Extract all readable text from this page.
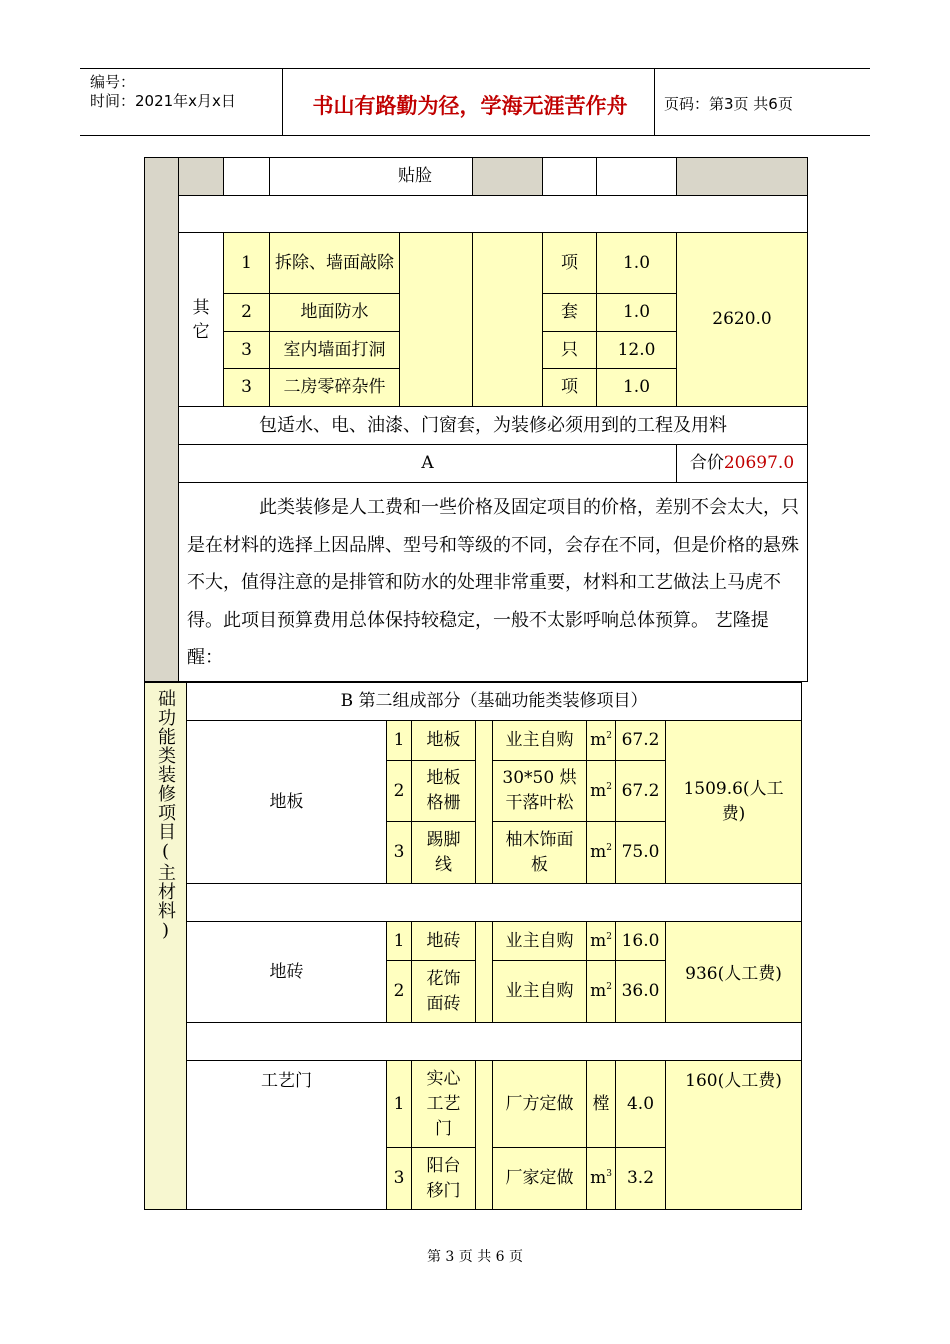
编号：
时间：2021年x月x日	书山有路勤为径，学海无涯苦作舟	页码：第3页 共6页
			贴脸					

	其它	1	拆除、墙面敲除			项	1.0	2620.0
		2	地面防水			套	1.0	
		3	室内墙面打洞			只	12.0	
		3	二房零碎杂件			项	1.0	
	包适水、电、油漆、门窗套，为装修必须用到的工程及用料							
	A							合价20697.0
	此类装修是人工费和一些价格及固定项目的价格，差别不会太大，只是在材料的选择上因品牌、型号和等级的不同，会存在不同，但是价格的悬殊不大，值得注意的是排管和防水的处理非常重要，材料和工艺做法上马虎不得。此项目预算费用总体保持较稳定，一般不太影呼响总体预算。 艺隆提醒：							
础功能类装修项目(主材料)	B 第二组成部分（基础功能类装修项目）							
	地板	1	地板		业主自购	$m^2$	67.2	1509.6(人工费)
		2	地板格栅		30*50 烘干落叶松	$m^2$	67.2	
		3	踢脚线		柚木饰面板	$m^2$	75.0	

	地砖	1	地砖		业主自购	$m^2$	16.0	936(人工费)
		2	花饰面砖		业主自购	$m^2$	36.0	

	工艺门	1	实心工艺门		厂方定做	樘	4.0	160(人工费)
		3	阳台移门		厂家定做	$m^3$	3.2	
第 3 页 共 6 页
